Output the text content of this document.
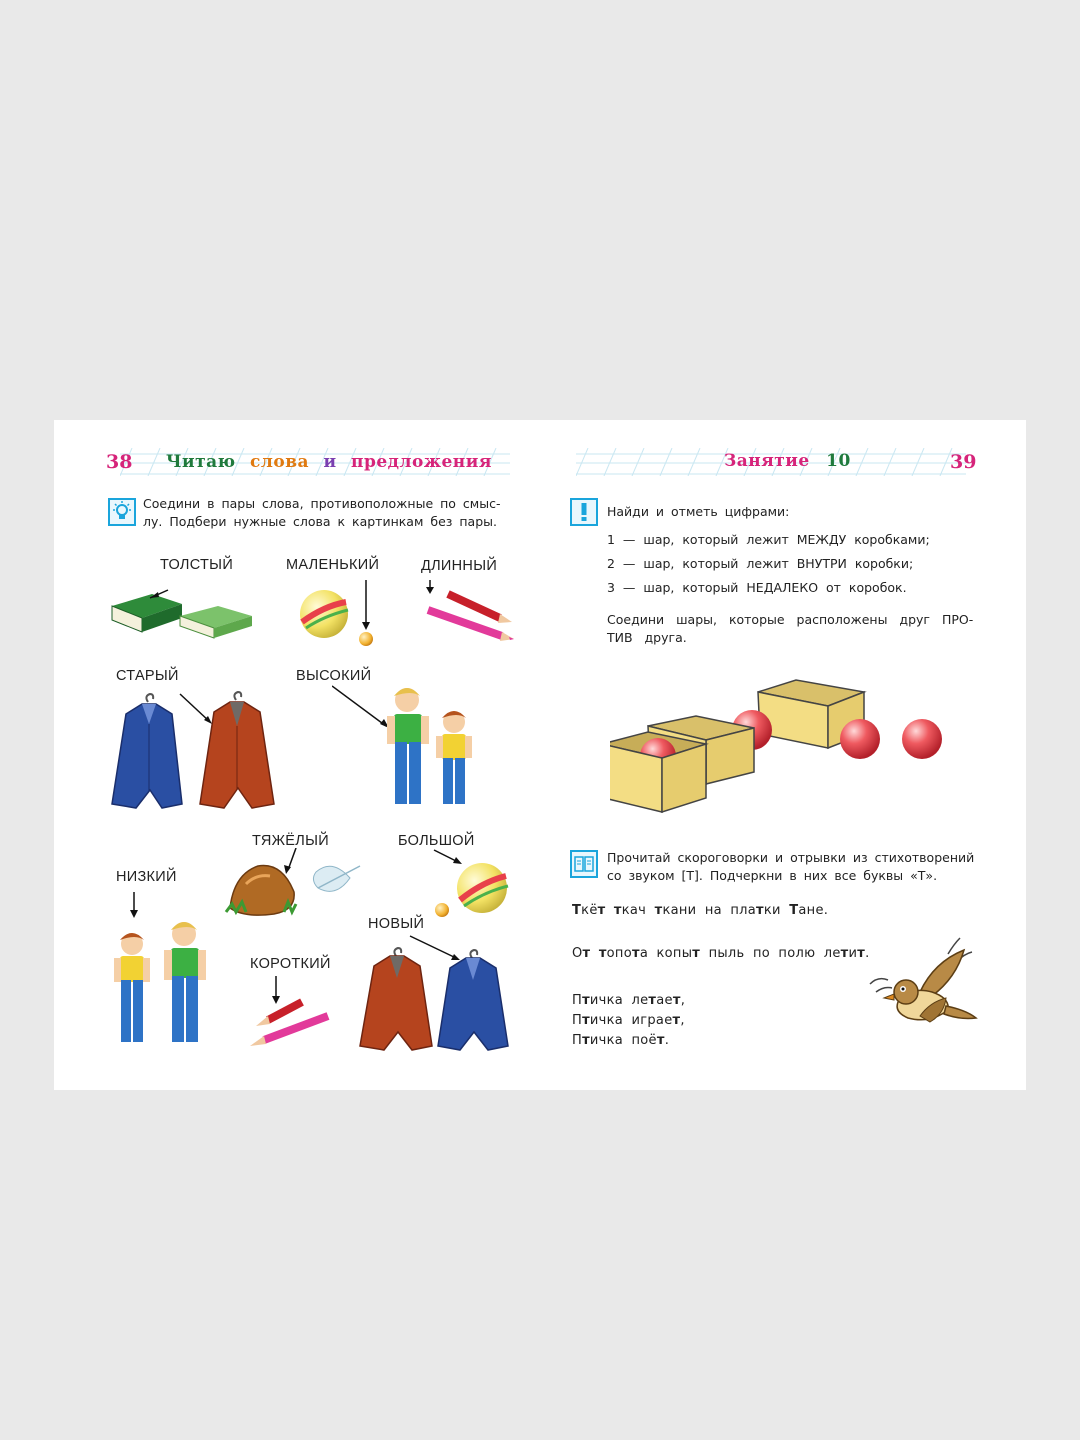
38 Читаю слова и предложения
Соедини в пары слова, противоположные по смыс-
лу. Подбери нужные слова к картинкам без пары.
ТОЛСТЫЙ	МАЛЕНЬКИЙ	ДЛИННЫЙ
СТАРЫЙ	ВЫСОКИЙ
ТЯЖЁЛЫЙ	БОЛЬШОЙ
НИЗКИЙ
НОВЫЙ
КОРОТКИЙ
Занятие 10	39
Найди и отметь цифрами:
1 — шар, который лежит МЕЖДУ коробками;
2 — шар, который лежит ВНУТРИ коробки;
3 — шар, который НЕДАЛЕКО от коробок.
Соедини шары, которые расположены друг ПРО-
ТИВ друга.
Прочитай скороговорки и отрывки из стихотворений
со звуком [Т]. Подчеркни в них все буквы «Т».
Ткёт ткач ткани на платки Тане.
От топота копыт пыль по полю летит.
Птичка лeтает,
Птичка играет,
Птичка поёт.
